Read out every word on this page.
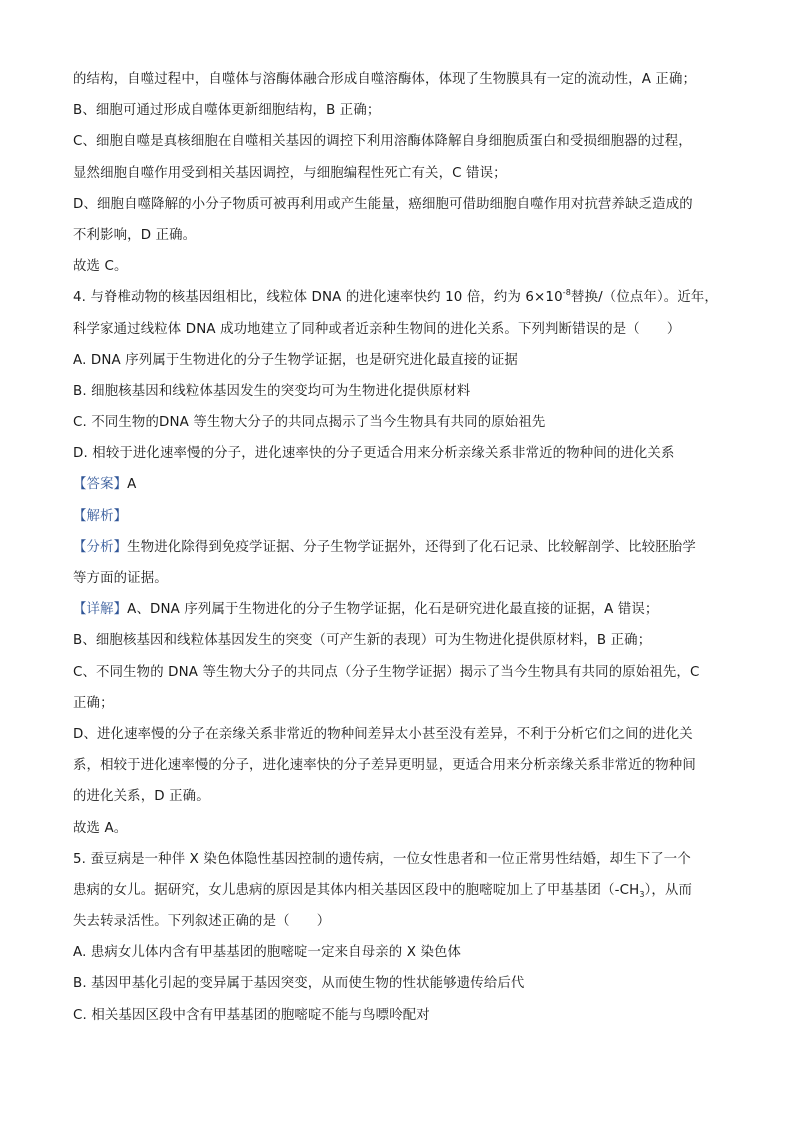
的结构，自噬过程中，自噬体与溶酶体融合形成自噬溶酶体，体现了生物膜具有一定的流动性，A 正确；
B、细胞可通过形成自噬体更新细胞结构，B 正确；
C、细胞自噬是真核细胞在自噬相关基因的调控下利用溶酶体降解自身细胞质蛋白和受损细胞器的过程，
显然细胞自噬作用受到相关基因调控，与细胞编程性死亡有关，C 错误；
D、细胞自噬降解的小分子物质可被再利用或产生能量，癌细胞可借助细胞自噬作用对抗营养缺乏造成的
不利影响，D 正确。
故选 C。
4. 与脊椎动物的核基因组相比，线粒体 DNA 的进化速率快约 10 倍，约为 $6\times 10^{-8}$替换/（位点年）。近年，
科学家通过线粒体 DNA 成功地建立了同种或者近亲种生物间的进化关系。下列判断错误的是（　　）
A. DNA 序列属于生物进化的分子生物学证据，也是研究进化最直接的证据
B. 细胞核基因和线粒体基因发生的突变均可为生物进化提供原材料
C. 不同生物的DNA 等生物大分子的共同点揭示了当今生物具有共同的原始祖先
D. 相较于进化速率慢的分子，进化速率快的分子更适合用来分析亲缘关系非常近的物种间的进化关系
【答案】A
【解析】
【分析】生物进化除得到免疫学证据、分子生物学证据外，还得到了化石记录、比较解剖学、比较胚胎学
等方面的证据。
【详解】A、DNA 序列属于生物进化的分子生物学证据，化石是研究进化最直接的证据，A 错误；
B、细胞核基因和线粒体基因发生的突变（可产生新的表现）可为生物进化提供原材料，B 正确；
C、不同生物的 DNA 等生物大分子的共同点（分子生物学证据）揭示了当今生物具有共同的原始祖先，C
正确；
D、进化速率慢的分子在亲缘关系非常近的物种间差异太小甚至没有差异，不利于分析它们之间的进化关
系，相较于进化速率慢的分子，进化速率快的分子差异更明显，更适合用来分析亲缘关系非常近的物种间
的进化关系，D 正确。
故选 A。
5. 蚕豆病是一种伴 X 染色体隐性基因控制的遗传病，一位女性患者和一位正常男性结婚，却生下了一个
患病的女儿。据研究，女儿患病的原因是其体内相关基因区段中的胞嘧啶加上了甲基基团$(-CH_3)$，从而
失去转录活性。下列叙述正确的是（　　）
A. 患病女儿体内含有甲基基团的胞嘧啶一定来自母亲的 X 染色体
B. 基因甲基化引起的变异属于基因突变，从而使生物的性状能够遗传给后代
C. 相关基因区段中含有甲基基团的胞嘧啶不能与鸟嘌呤配对
